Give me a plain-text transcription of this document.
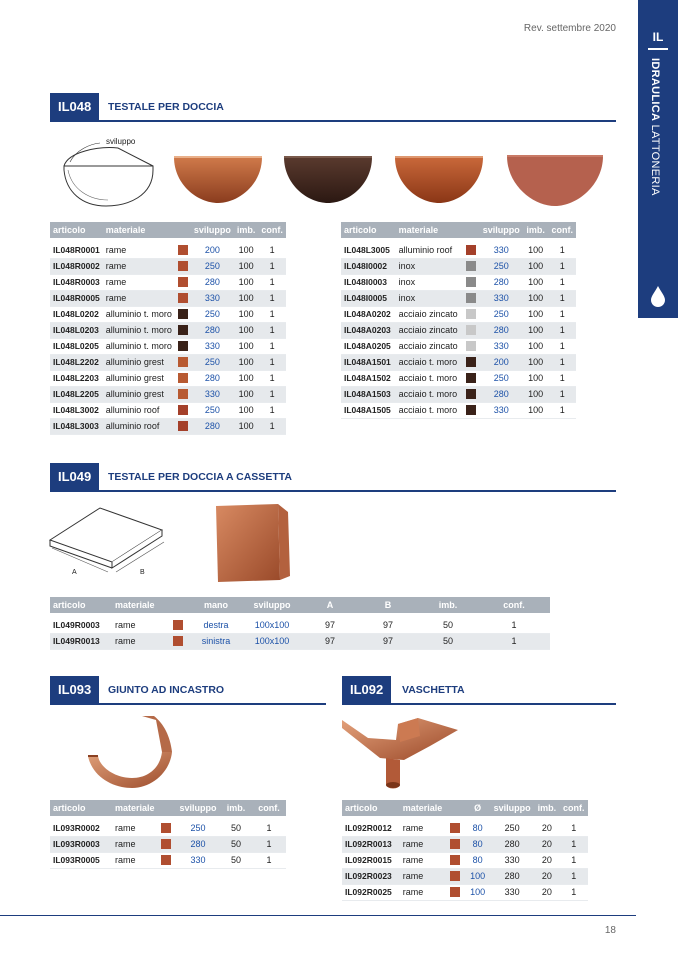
Rev. settembre 2020
IL
IDRAULICA LATTONERIA
IL048	TESTALE PER DOCCIA
sviluppo
articolo	materiale		sviluppo	imb.	conf.

IL048R0001	rame		200	100	1
IL048R0002	rame		250	100	1
IL048R0003	rame		280	100	1
IL048R0005	rame		330	100	1
IL048L0202	alluminio t. moro		250	100	1
IL048L0203	alluminio t. moro		280	100	1
IL048L0205	alluminio t. moro		330	100	1
IL048L2202	alluminio grest		250	100	1
IL048L2203	alluminio grest		280	100	1
IL048L2205	alluminio grest		330	100	1
IL048L3002	alluminio roof		250	100	1
IL048L3003	alluminio roof		280	100	1
articolo	materiale		sviluppo	imb.	conf.

IL048L3005	alluminio roof		330	100	1
IL048I0002	inox		250	100	1
IL048I0003	inox		280	100	1
IL048I0005	inox		330	100	1
IL048A0202	acciaio zincato		250	100	1
IL048A0203	acciaio zincato		280	100	1
IL048A0205	acciaio zincato		330	100	1
IL048A1501	acciaio t. moro		200	100	1
IL048A1502	acciaio t. moro		250	100	1
IL048A1503	acciaio t. moro		280	100	1
IL048A1505	acciaio t. moro		330	100	1
IL049	TESTALE PER DOCCIA A CASSETTA
A	B
articolo	materiale		mano	sviluppo	A	B	imb.	conf.

IL049R0003	rame		destra	100x100	97	97	50	1
IL049R0013	rame		sinistra	100x100	97	97	50	1
IL093	GIUNTO AD INCASTRO
articolo	materiale		sviluppo	imb.	conf.

IL093R0002	rame		250	50	1
IL093R0003	rame		280	50	1
IL093R0005	rame		330	50	1
IL092	VASCHETTA
articolo	materiale		Ø	sviluppo	imb.	conf.

IL092R0012	rame		80	250	20	1
IL092R0013	rame		80	280	20	1
IL092R0015	rame		80	330	20	1
IL092R0023	rame		100	280	20	1
IL092R0025	rame		100	330	20	1
18
